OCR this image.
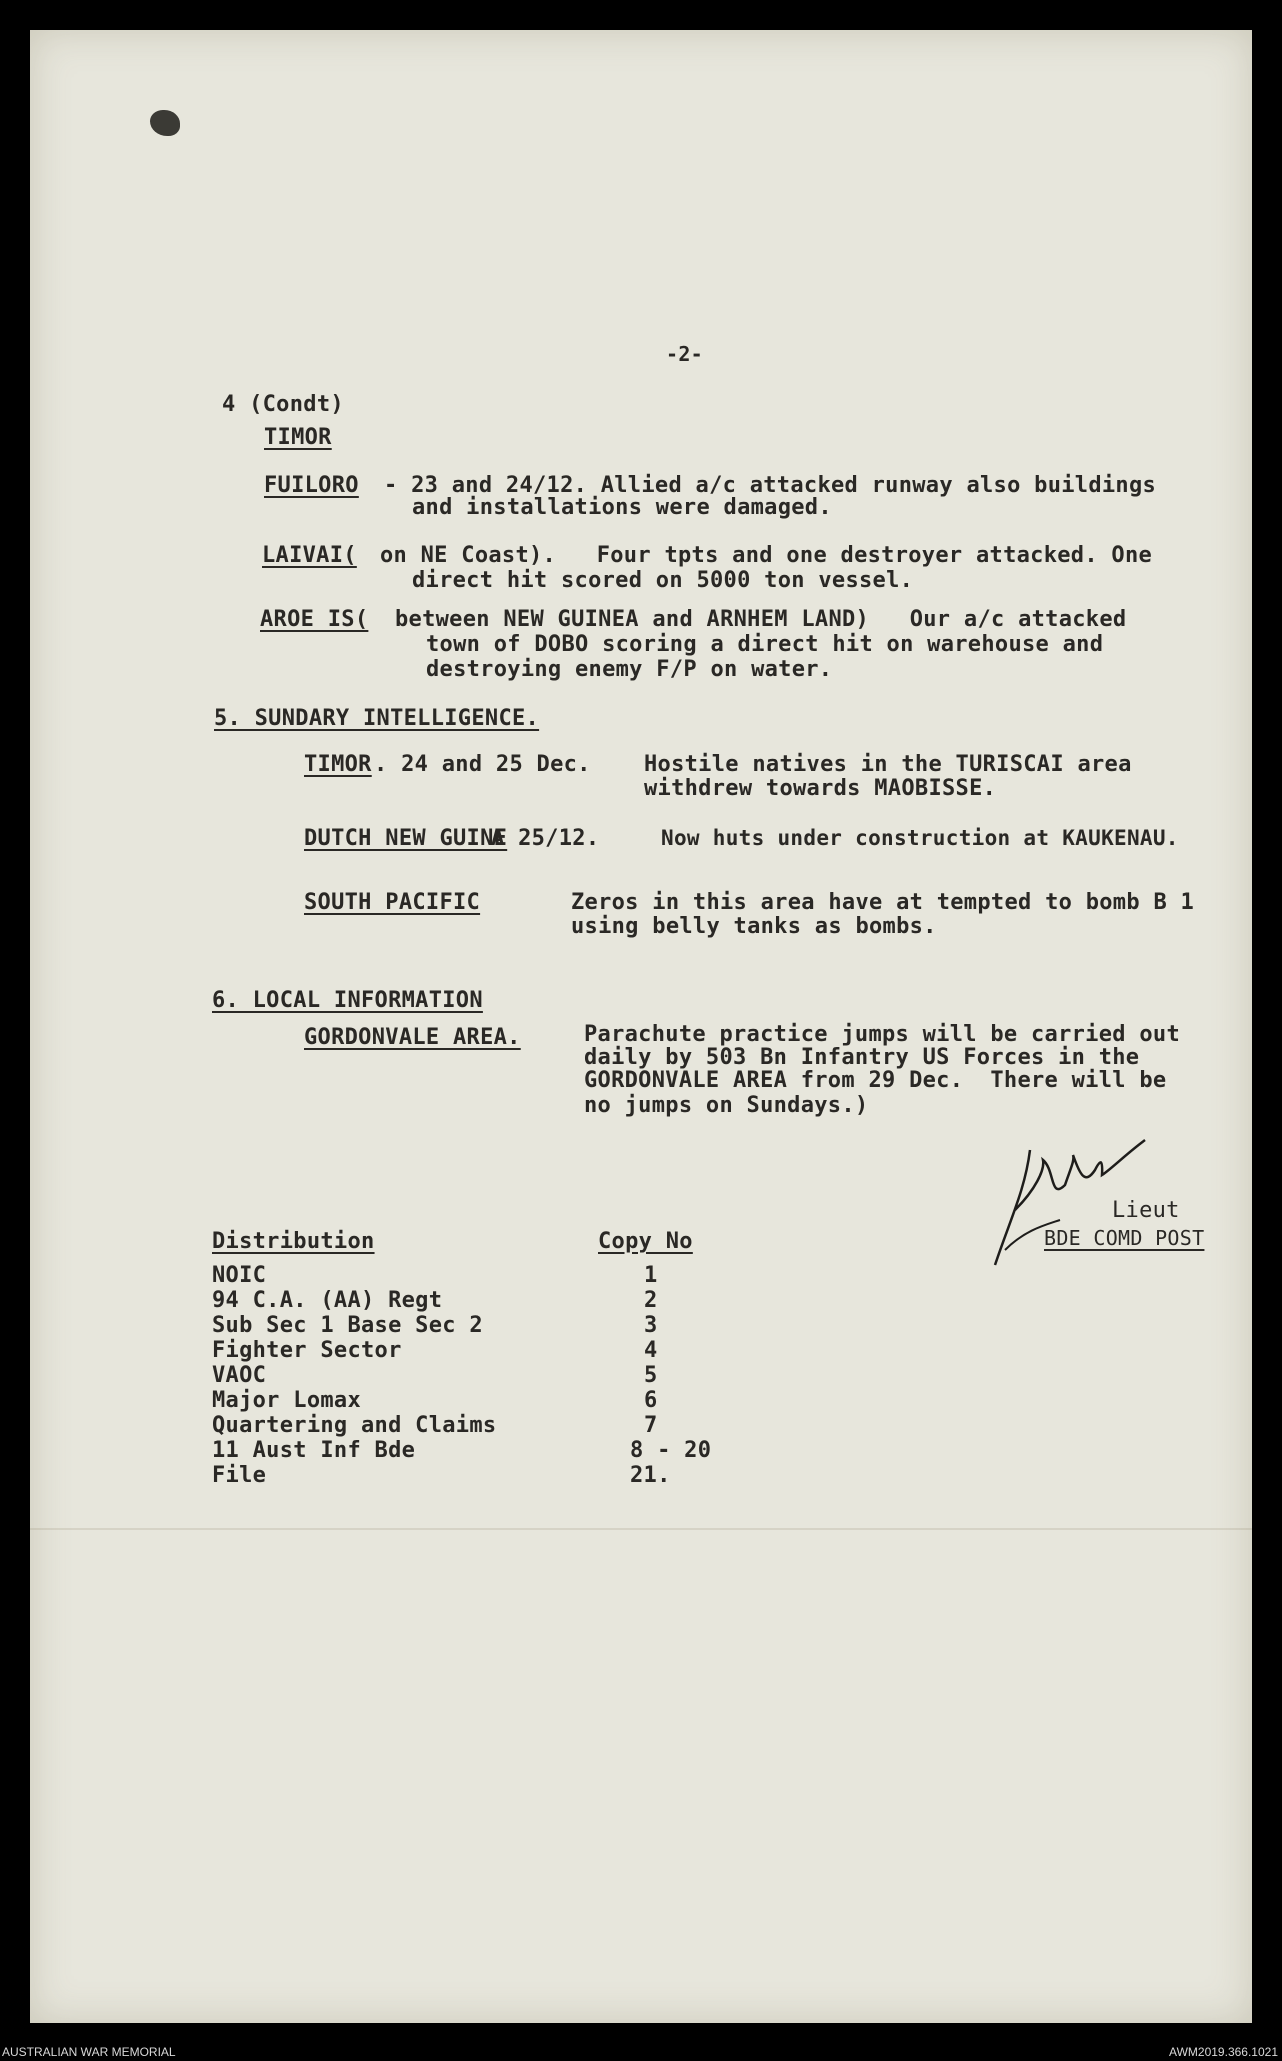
-2-
4 (Condt)
TIMOR
FUILORO - 23 and 24/12. Allied a/c attacked runway also buildings
and installations were damaged.
LAIVAI( on NE Coast).   Four tpts and one destroyer attacked. One
direct hit scored on 5000 ton vessel.
AROE IS( between NEW GUINEA and ARNHEM LAND)   Our a/c attacked
town of DOBO scoring a direct hit on warehouse and
destroying enemy F/P on water.
5. SUNDARY INTELLIGENCE.
TIMOR . 24 and 25 Dec. Hostile natives in the TURISCAI area
withdrew towards MAOBISSE.
DUTCH NEW GUINE
A 25/12.	Now huts under construction at KAUKENAU.
SOUTH PACIFIC	Zeros in this area have at tempted to bomb B 1
using belly tanks as bombs.
6. LOCAL INFORMATION
GORDONVALE AREA.	Parachute practice jumps will be carried out
daily by 503 Bn Infantry US Forces in the
GORDONVALE AREA from 29 Dec.  There will be
no jumps on Sundays.)
Lieut
BDE COMD POST
Distribution	Copy No
NOIC	1
94 C.A. (AA) Regt	2
Sub Sec 1 Base Sec 2	3
Fighter Sector	4
VAOC	5
Major Lomax	6
Quartering and Claims	7
11 Aust Inf Bde	8 - 20
File	21.
AUSTRALIAN WAR MEMORIAL	AWM2019.366.1021
